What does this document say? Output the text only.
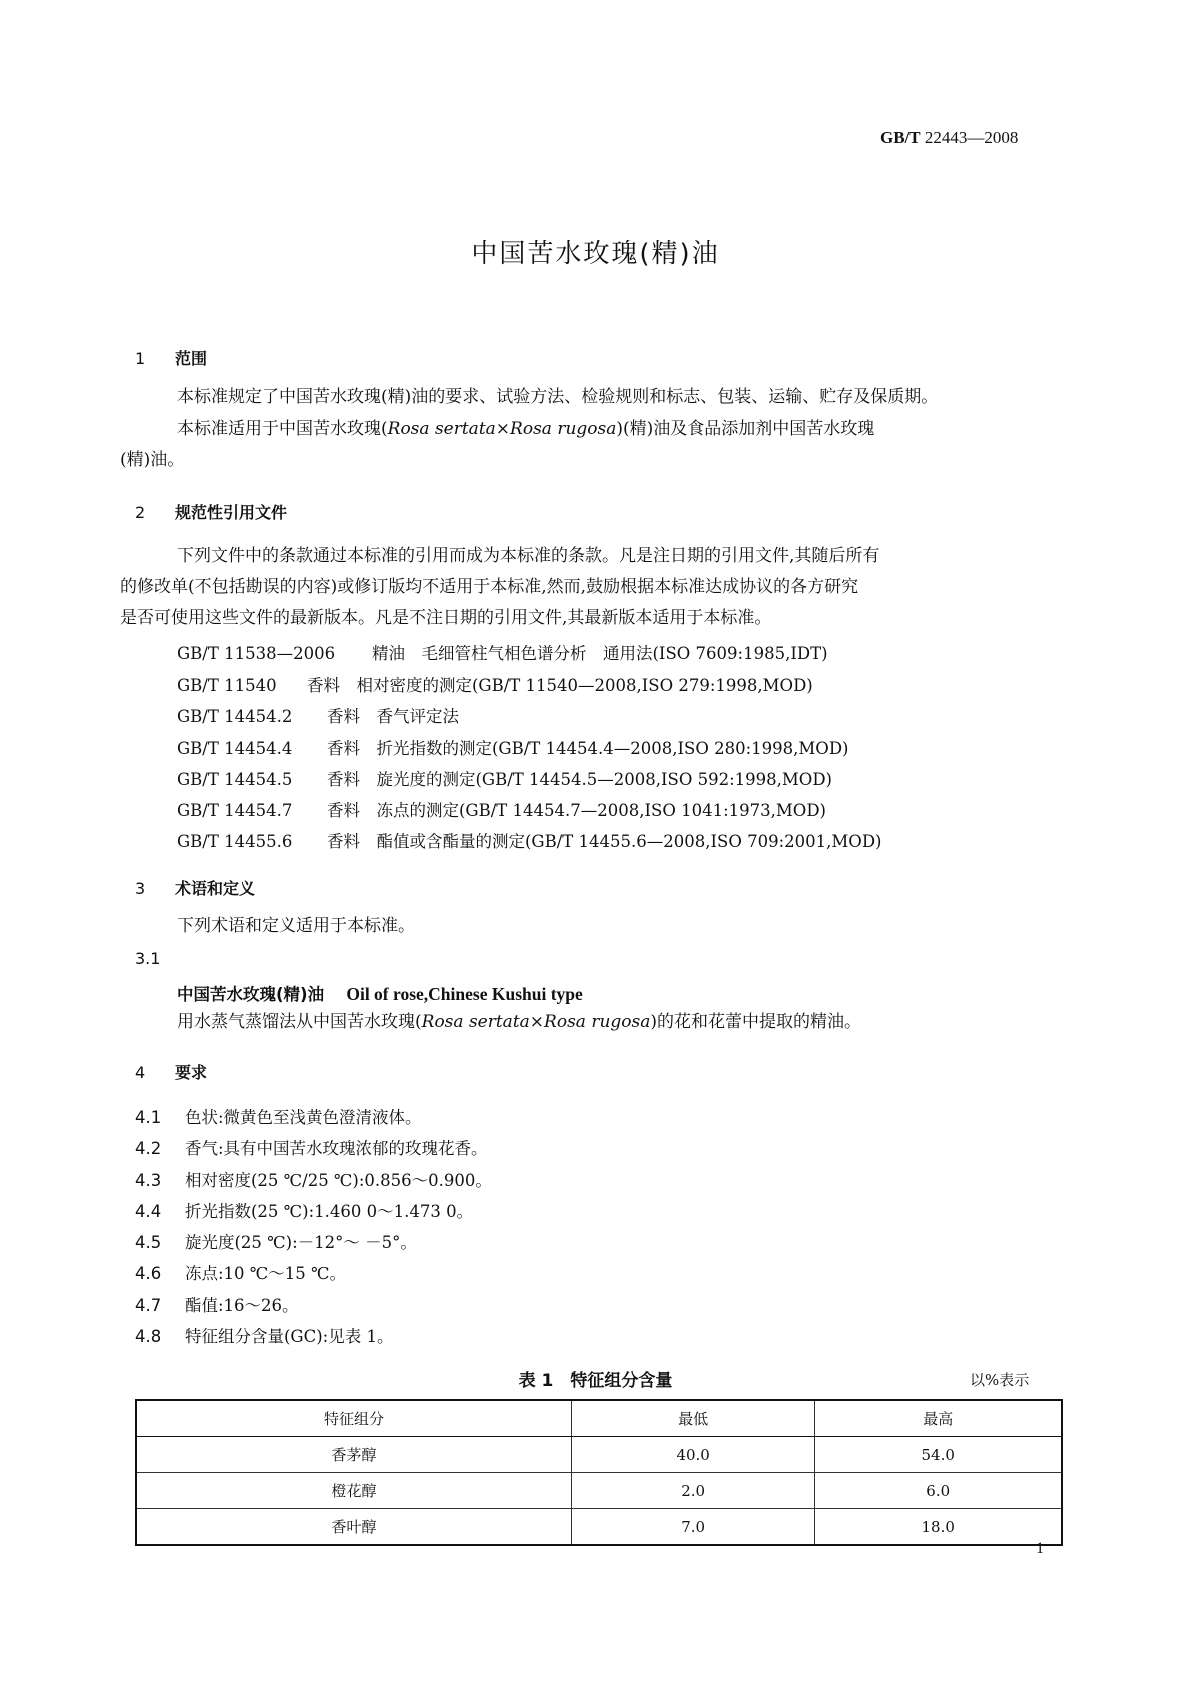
GB/T 22443—2008
中国苦水玫瑰(精)油
1 范围
本标准规定了中国苦水玫瑰(精)油的要求、试验方法、检验规则和标志、包装、运输、贮存及保质期。
本标准适用于中国苦水玫瑰(Rosa sertata×Rosa rugosa)(精)油及食品添加剂中国苦水玫瑰
(精)油。
2 规范性引用文件
下列文件中的条款通过本标准的引用而成为本标准的条款。凡是注日期的引用文件,其随后所有
的修改单(不包括勘误的内容)或修订版均不适用于本标准,然而,鼓励根据本标准达成协议的各方研究
是否可使用这些文件的最新版本。凡是不注日期的引用文件,其最新版本适用于本标准。
GB/T 11538—2006 精油　毛细管柱气相色谱分析　通用法(ISO 7609:1985,IDT)
GB/T 11540 香料　相对密度的测定(GB/T 11540—2008,ISO 279:1998,MOD)
GB/T 14454.2 香料　香气评定法
GB/T 14454.4 香料　折光指数的测定(GB/T 14454.4—2008,ISO 280:1998,MOD)
GB/T 14454.5 香料　旋光度的测定(GB/T 14454.5—2008,ISO 592:1998,MOD)
GB/T 14454.7 香料　冻点的测定(GB/T 14454.7—2008,ISO 1041:1973,MOD)
GB/T 14455.6 香料　酯值或含酯量的测定(GB/T 14455.6—2008,ISO 709:2001,MOD)
3 术语和定义
下列术语和定义适用于本标准。
3.1
中国苦水玫瑰(精)油　 Oil of rose,Chinese Kushui type
用水蒸气蒸馏法从中国苦水玫瑰(Rosa sertata×Rosa rugosa)的花和花蕾中提取的精油。
4 要求
4.1 色状:微黄色至浅黄色澄清液体。
4.2 香气:具有中国苦水玫瑰浓郁的玫瑰花香。
4.3 相对密度(25 ℃/25 ℃):0.856～0.900。
4.4 折光指数(25 ℃):1.460 0～1.473 0。
4.5 旋光度(25 ℃):－12°～ －5°。
4.6 冻点:10 ℃～15 ℃。
4.7 酯值:16～26。
4.8 特征组分含量(GC):见表 1。
表 1　特征组分含量	以%表示
特征组分	最低	最高
香茅醇	40.0	54.0
橙花醇	2.0	6.0
香叶醇	7.0	18.0
1
